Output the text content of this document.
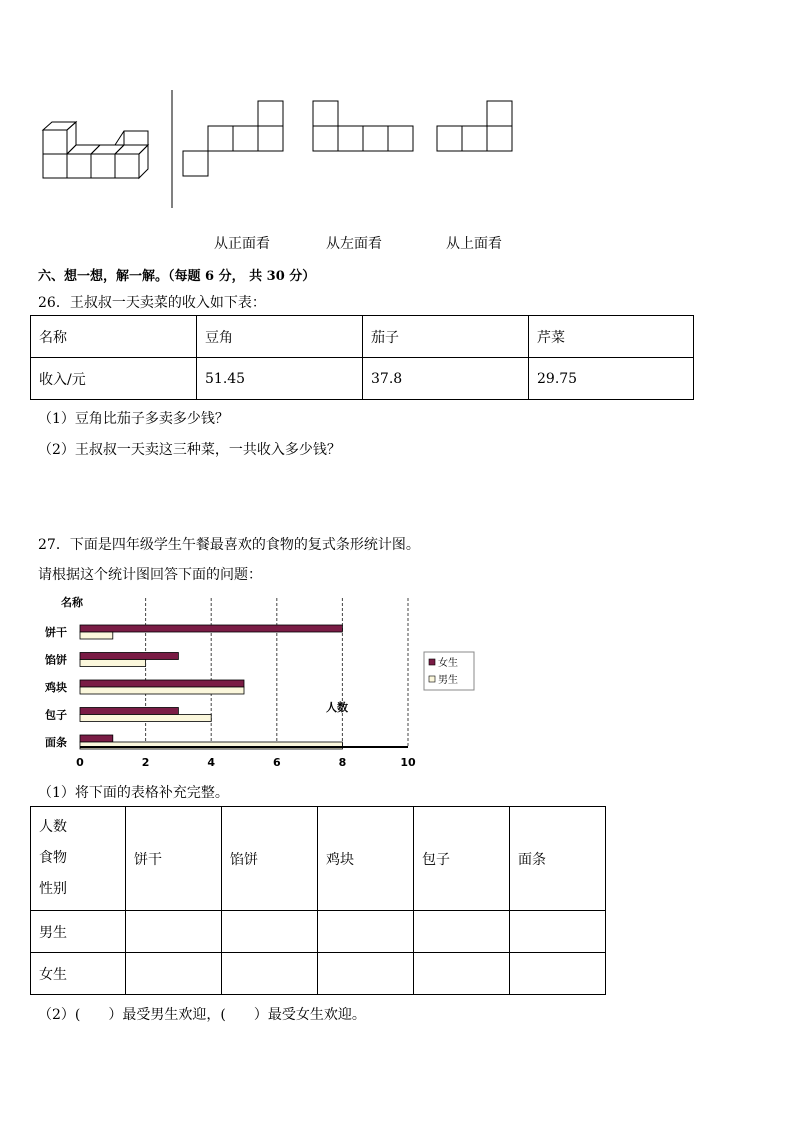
从正面看	从左面看	从上面看
六、想一想，解一解。（每题 6 分， 共 30 分）
26．王叔叔一天卖菜的收入如下表：
名称	豆角	茄子	芹菜
收入/元	51.45	37.8	29.75
（1）豆角比茄子多卖多少钱？
（2）王叔叔一天卖这三种菜，一共收入多少钱？
27．下面是四年级学生午餐最喜欢的食物的复式条形统计图。
请根据这个统计图回答下面的问题：
名称
人数
0	2	4	6	8	10
饼干
馅饼
鸡块
包子
面条
女生
男生
（1）将下面的表格补充完整。
人数
食物
性别	饼干	馅饼	鸡块	包子	面条
男生					
女生					
（2）(　　）最受男生欢迎，(　　）最受女生欢迎。
